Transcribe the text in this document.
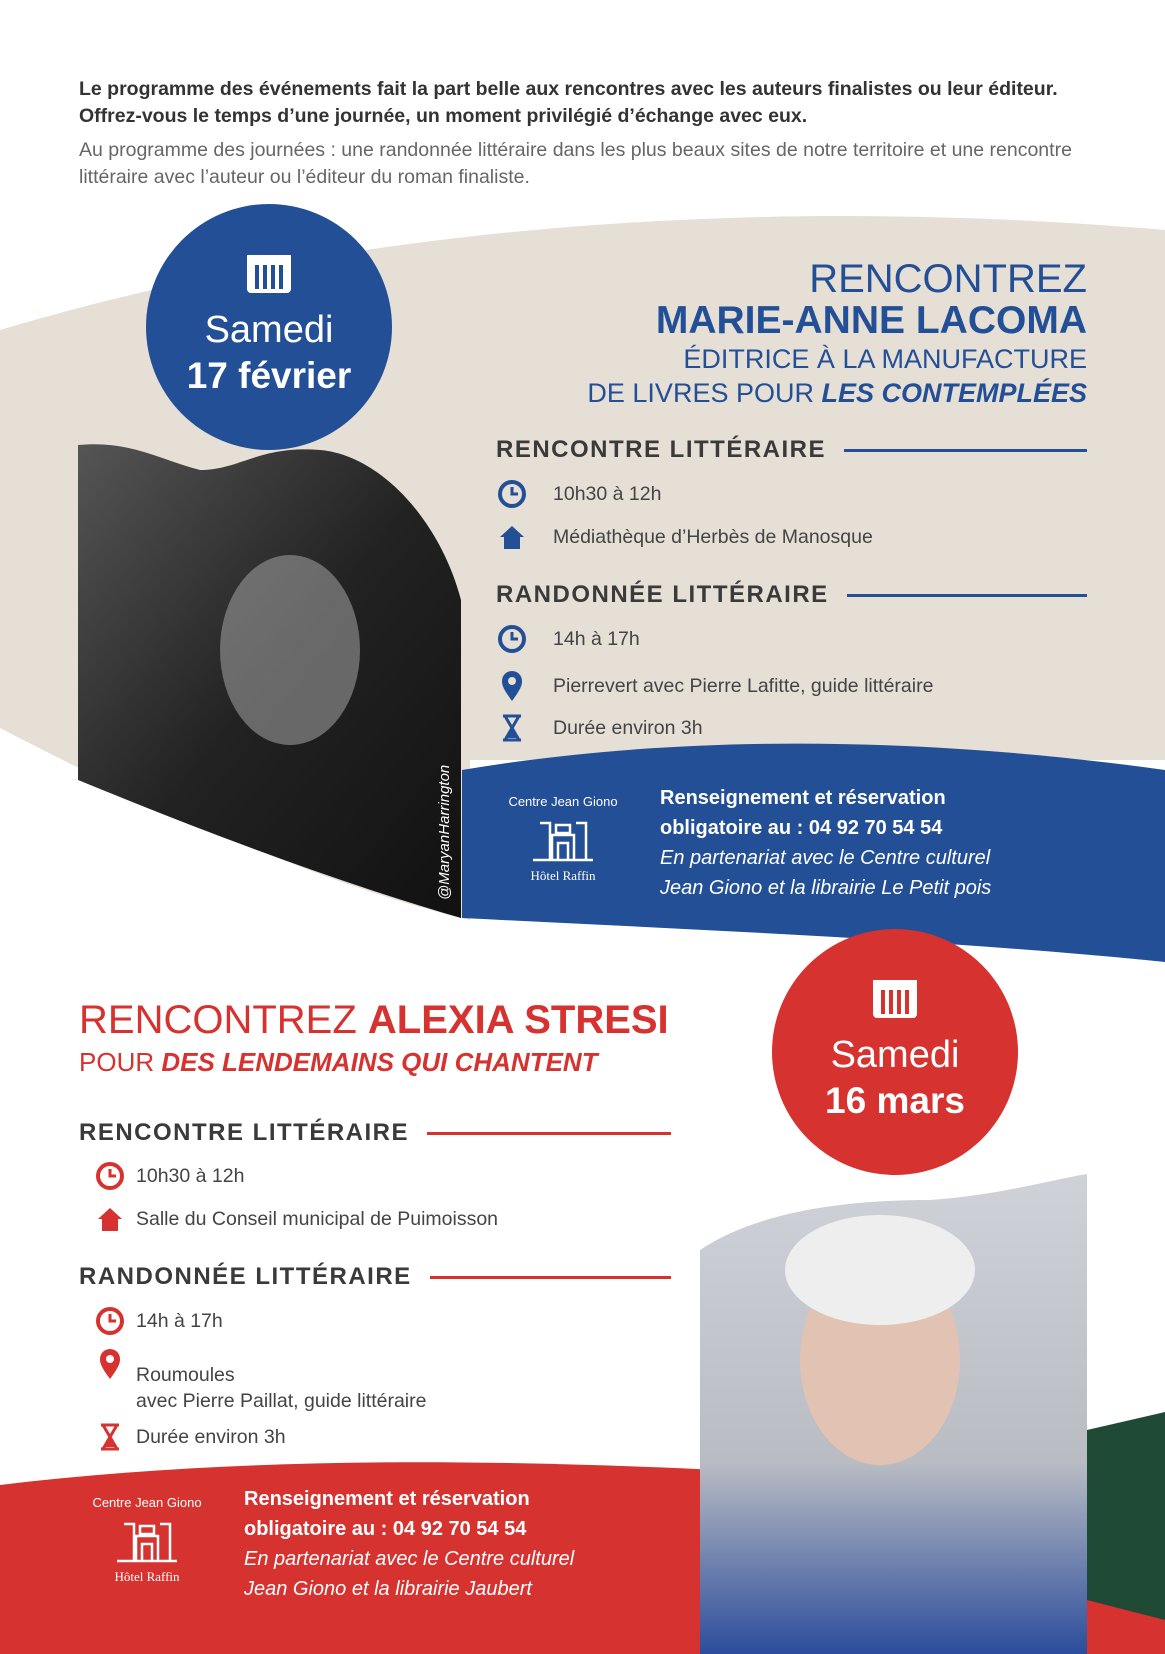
Le programme des événements fait la part belle aux rencontres avec les auteurs finalistes ou leur éditeur. Offrez-vous le temps d’une journée, un moment privilégié d’échange avec eux.
Au programme des journées : une randonnée littéraire dans les plus beaux sites de notre territoire et une rencontre littéraire avec l’auteur ou l’éditeur du roman finaliste.
Samedi
17 février
RENCONTREZ
MARIE-ANNE LACOMA
ÉDITRICE À LA MANUFACTURE
DE LIVRES POUR LES CONTEMPLÉES
@MaryanHarrington
RENCONTRE LITTÉRAIRE
10h30 à 12h
Médiathèque d’Herbès de Manosque
RANDONNÉE LITTÉRAIRE
14h à 17h
Pierrevert avec Pierre Lafitte, guide littéraire
Durée environ 3h
Centre Jean Giono
Hôtel Raffin
Renseignement et réservation
obligatoire au : 04 92 70 54 54
En partenariat avec le Centre culturel
Jean Giono et la librairie Le Petit pois
Samedi
16 mars
RENCONTREZ ALEXIA STRESI
POUR DES LENDEMAINS QUI CHANTENT
RENCONTRE LITTÉRAIRE
10h30 à 12h
Salle du Conseil municipal de Puimoisson
RANDONNÉE LITTÉRAIRE
14h à 17h
Roumoules
avec Pierre Paillat, guide littéraire
Durée environ 3h
Centre Jean Giono
Hôtel Raffin
Renseignement et réservation
obligatoire au : 04 92 70 54 54
En partenariat avec le Centre culturel
Jean Giono et la librairie Jaubert
